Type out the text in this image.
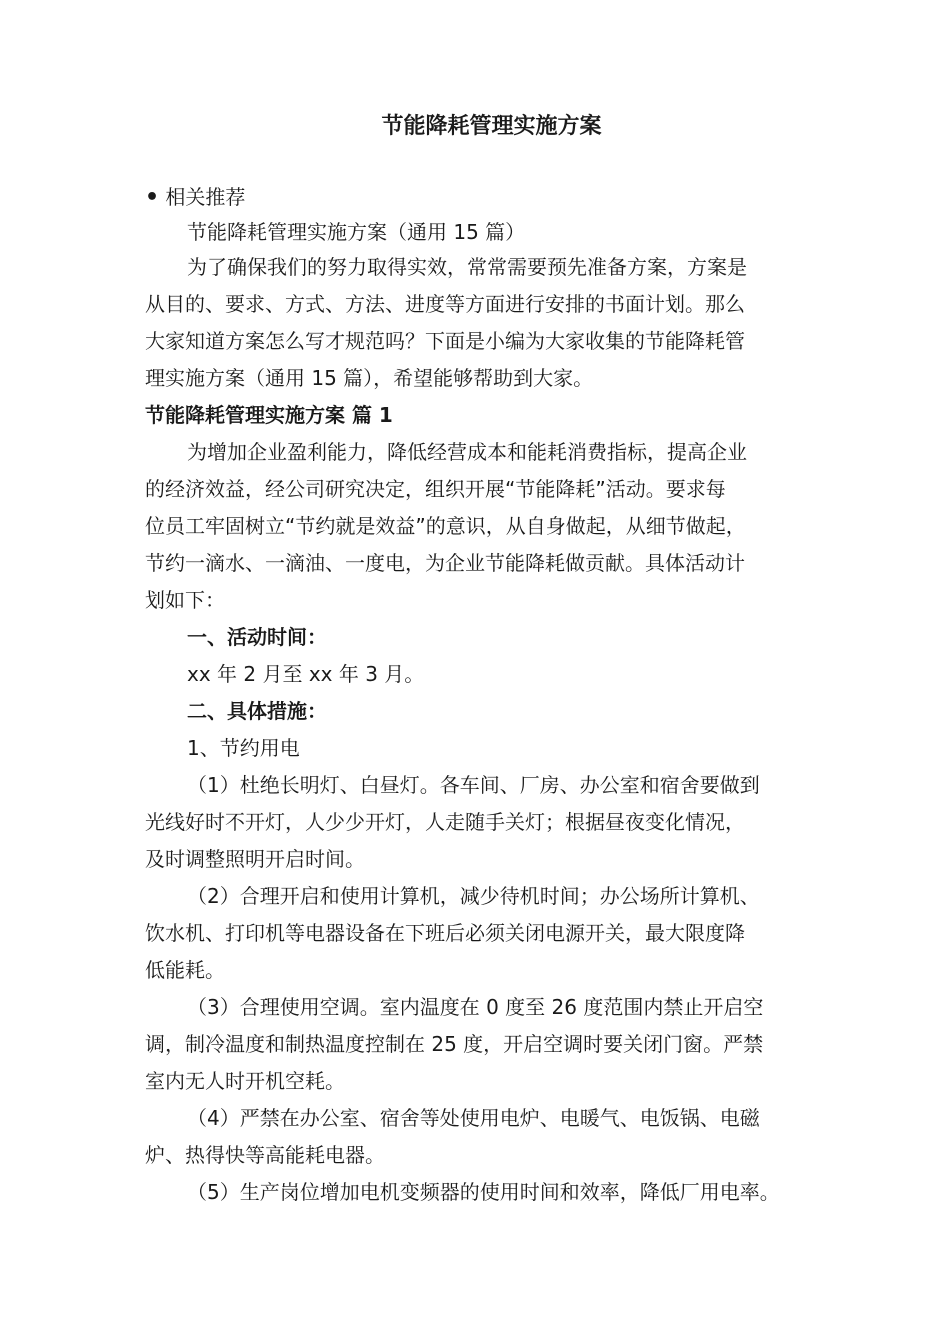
节能降耗管理实施方案

• 相关推荐

节能降耗管理实施方案（通用 15 篇）

为了确保我们的努力取得实效，常常需要预先准备方案，方案是

从目的、要求、方式、方法、进度等方面进行安排的书面计划。那么

大家知道方案怎么写才规范吗？下面是小编为大家收集的节能降耗管

理实施方案（通用 15 篇），希望能够帮助到大家。

节能降耗管理实施方案 篇 1

为增加企业盈利能力，降低经营成本和能耗消费指标，提高企业

的经济效益，经公司研究决定，组织开展“节能降耗”活动。要求每

位员工牢固树立“节约就是效益”的意识，从自身做起，从细节做起，

节约一滴水、一滴油、一度电，为企业节能降耗做贡献。具体活动计

划如下：

一、活动时间：

xx 年 2 月至 xx 年 3 月。

二、具体措施：

1、节约用电

（1）杜绝长明灯、白昼灯。各车间、厂房、办公室和宿舍要做到

光线好时不开灯，人少少开灯，人走随手关灯；根据昼夜变化情况，

及时调整照明开启时间。

（2）合理开启和使用计算机，减少待机时间；办公场所计算机、

饮水机、打印机等电器设备在下班后必须关闭电源开关，最大限度降

低能耗。

（3）合理使用空调。室内温度在 0 度至 26 度范围内禁止开启空

调，制冷温度和制热温度控制在 25 度，开启空调时要关闭门窗。严禁

室内无人时开机空耗。

（4）严禁在办公室、宿舍等处使用电炉、电暖气、电饭锅、电磁

炉、热得快等高能耗电器。

（5）生产岗位增加电机变频器的使用时间和效率，降低厂用电率。
